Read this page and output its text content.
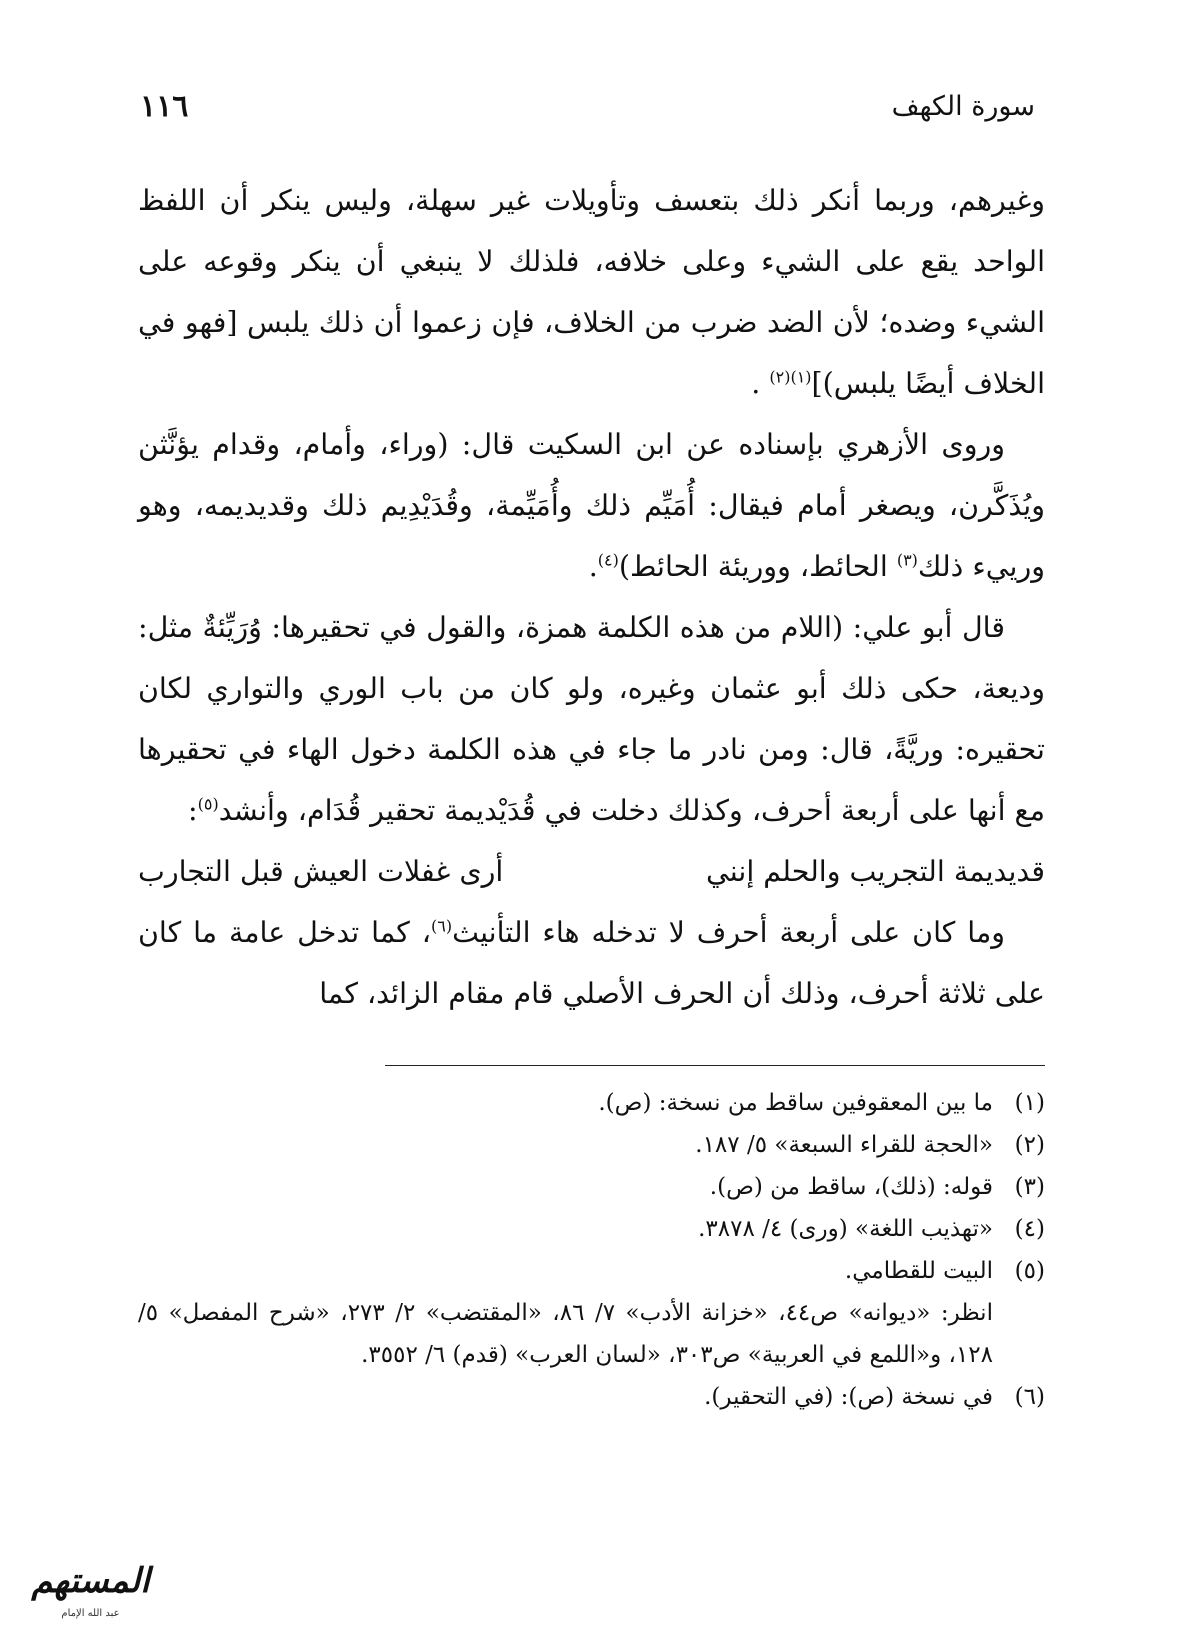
سورة الكهف
١١٦

وغيرهم، وربما أنكر ذلك بتعسف وتأويلات غير سهلة، وليس ينكر أن اللفظ الواحد يقع على الشيء وعلى خلافه، فلذلك لا ينبغي أن ينكر وقوعه على الشيء وضده؛ لأن الضد ضرب من الخلاف، فإن زعموا أن ذلك يلبس [فهو في الخلاف أيضًا يلبس)]$^{(١)(٢)}$ .

وروى الأزهري بإسناده عن ابن السكيت قال: (وراء، وأمام، وقدام يؤنَّثن ويُذَكَّرن، ويصغر أمام فيقال: أُمَيِّم ذلك وأُمَيِّمة، وقُدَيْدِيم ذلك وقديديمه، وهو ورييء ذلك$^{(٣)}$ الحائط، ووريئة الحائط)$^{(٤)}$.

قال أبو علي: (اللام من هذه الكلمة همزة، والقول في تحقيرها: وُرَيِّئةٌ مثل: وديعة، حكى ذلك أبو عثمان وغيره، ولو كان من باب الوري والتواري لكان تحقيره: وريَّةً، قال: ومن نادر ما جاء في هذه الكلمة دخول الهاء في تحقيرها مع أنها على أربعة أحرف، وكذلك دخلت في قُدَيْديمة تحقير قُدَام، وأنشد$^{(٥)}$:

قديديمة التجريب والحلم إنني
أرى غفلات العيش قبل التجارب

وما كان على أربعة أحرف لا تدخله هاء التأنيث$^{(٦)}$، كما تدخل عامة ما كان على ثلاثة أحرف، وذلك أن الحرف الأصلي قام مقام الزائد، كما

(١)
ما بين المعقوفين ساقط من نسخة: (ص).
(٢)
«الحجة للقراء السبعة» ٥/ ١٨٧.
(٣)
قوله: (ذلك)، ساقط من (ص).
(٤)
«تهذيب اللغة» (ورى) ٤/ ٣٨٧٨.
(٥)
البيت للقطامي.
انظر: «ديوانه» ص٤٤، «خزانة الأدب» ٧/ ٨٦، «المقتضب» ٢/ ٢٧٣، «شرح المفصل» ٥/ ١٢٨، و«اللمع في العربية» ص٣٠٣، «لسان العرب» (قدم) ٦/ ٣٥٥٢.
(٦)
في نسخة (ص): (في التحقير).
المستهم
عبد الله الإمام
